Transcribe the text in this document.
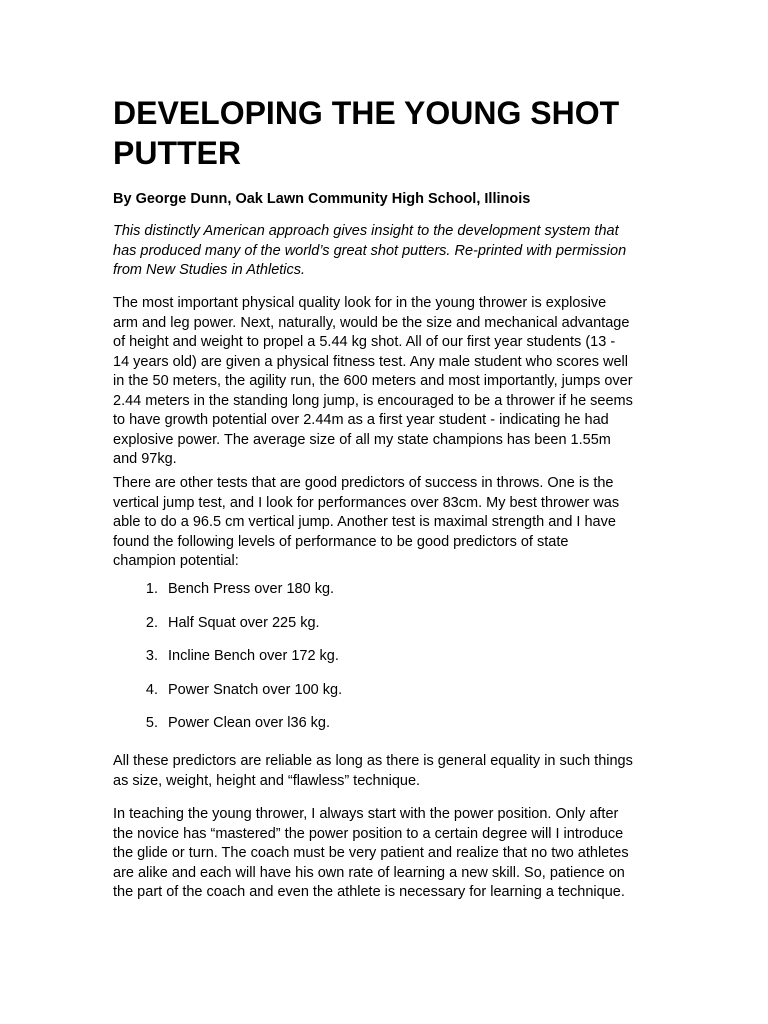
DEVELOPING THE YOUNG SHOT PUTTER

By George Dunn, Oak Lawn Community High School, Illinois

This distinctly American approach gives insight to the development system that
has produced many of the world’s great shot putters. Re-printed with permission
from New Studies in Athletics.

The most important physical quality look for in the young thrower is explosive
arm and leg power. Next, naturally, would be the size and mechanical advantage
of height and weight to propel a 5.44 kg shot. All of our first year students (13 -
14 years old) are given a physical fitness test. Any male student who scores well
in the 50 meters, the agility run, the 600 meters and most importantly, jumps over
2.44 meters in the standing long jump, is encouraged to be a thrower if he seems
to have growth potential over 2.44m as a first year student - indicating he had
explosive power. The average size of all my state champions has been 1.55m
and 97kg.

There are other tests that are good predictors of success in throws. One is the
vertical jump test, and I look for performances over 83cm. My best thrower was
able to do a 96.5 cm vertical jump. Another test is maximal strength and I have
found the following levels of performance to be good predictors of state
champion potential:

1. Bench Press over 180 kg.
2. Half Squat over 225 kg.
3. Incline Bench over 172 kg.
4. Power Snatch over 100 kg.
5. Power Clean over l36 kg.

All these predictors are reliable as long as there is general equality in such things
as size, weight, height and “flawless” technique.

In teaching the young thrower, I always start with the power position. Only after
the novice has “mastered” the power position to a certain degree will I introduce
the glide or turn. The coach must be very patient and realize that no two athletes
are alike and each will have his own rate of learning a new skill. So, patience on
the part of the coach and even the athlete is necessary for learning a technique.
